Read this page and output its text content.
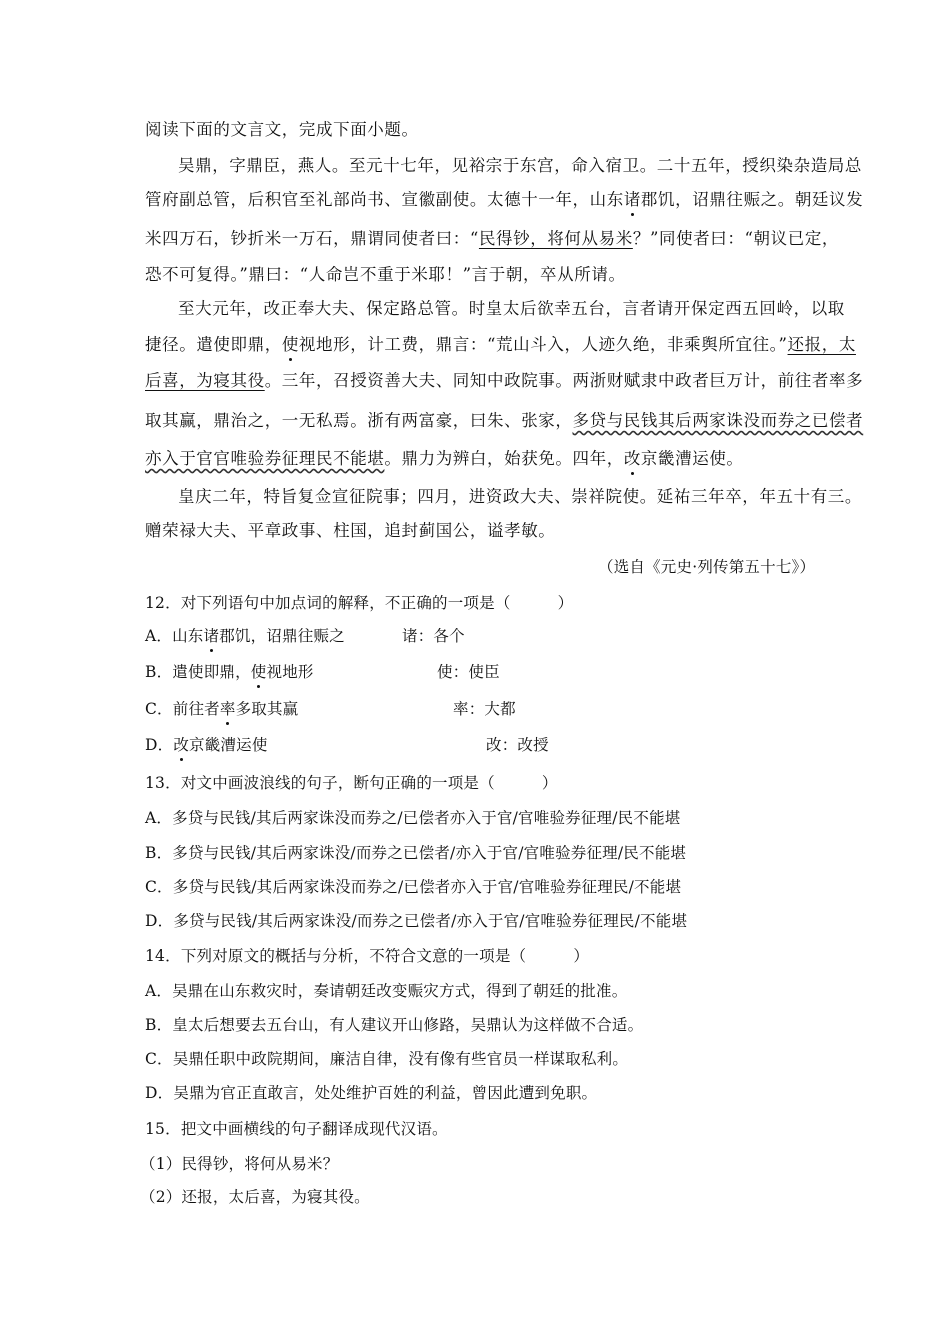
阅读下面的文言文，完成下面小题。
吴鼎，字鼎臣，燕人。至元十七年，见裕宗于东宫，命入宿卫。二十五年，授织染杂造局总
管府副总管，后积官至礼部尚书、宣徽副使。太德十一年，山东诸郡饥，诏鼎往赈之。朝廷议发
米四万石，钞折米一万石，鼎谓同使者曰：“民得钞，将何从易米？”同使者曰：“朝议已定，
恐不可复得。”鼎曰：“人命岂不重于米耶！”言于朝，卒从所请。
至大元年，改正奉大夫、保定路总管。时皇太后欲幸五台，言者请开保定西五回岭，以取
捷径。遣使即鼎，使视地形，计工费，鼎言：“荒山斗入，人迹久绝，非乘舆所宜往。”还报，太
后喜，为寝其役。三年，召授资善大夫、同知中政院事。两浙财赋隶中政者巨万计，前往者率多
取其赢，鼎治之，一无私焉。浙有两富豪，曰朱、张家，多贷与民钱其后两家诛没而券之已偿者
亦入于官官唯验券征理民不能堪。鼎力为辨白，始获免。四年，改京畿漕运使。
皇庆二年，特旨复佥宣征院事；四月，进资政大夫、崇祥院使。延祐三年卒，年五十有三。
赠荣禄大夫、平章政事、柱国，追封蓟国公，谥孝敏。
（选自《元史·列传第五十七》）
12．对下列语句中加点词的解释，不正确的一项是（　　　）
A．山东诸郡饥，诏鼎往赈之	诸：各个
B．遣使即鼎，使视地形	使：使臣
C．前往者率多取其赢	率：大都
D．改京畿漕运使	改：改授
13．对文中画波浪线的句子，断句正确的一项是（　　　）
A．多贷与民钱/其后两家诛没而券之/已偿者亦入于官/官唯验券征理/民不能堪
B．多贷与民钱/其后两家诛没/而券之已偿者/亦入于官/官唯验券征理/民不能堪
C．多贷与民钱/其后两家诛没而券之/已偿者亦入于官/官唯验券征理民/不能堪
D．多贷与民钱/其后两家诛没/而券之已偿者/亦入于官/官唯验券征理民/不能堪
14．下列对原文的概括与分析，不符合文意的一项是（　　　）
A．吴鼎在山东救灾时，奏请朝廷改变赈灾方式，得到了朝廷的批准。
B．皇太后想要去五台山，有人建议开山修路，吴鼎认为这样做不合适。
C．吴鼎任职中政院期间，廉洁自律，没有像有些官员一样谋取私利。
D．吴鼎为官正直敢言，处处维护百姓的利益，曾因此遭到免职。
15．把文中画横线的句子翻译成现代汉语。
（1）民得钞，将何从易米？
（2）还报，太后喜，为寝其役。
